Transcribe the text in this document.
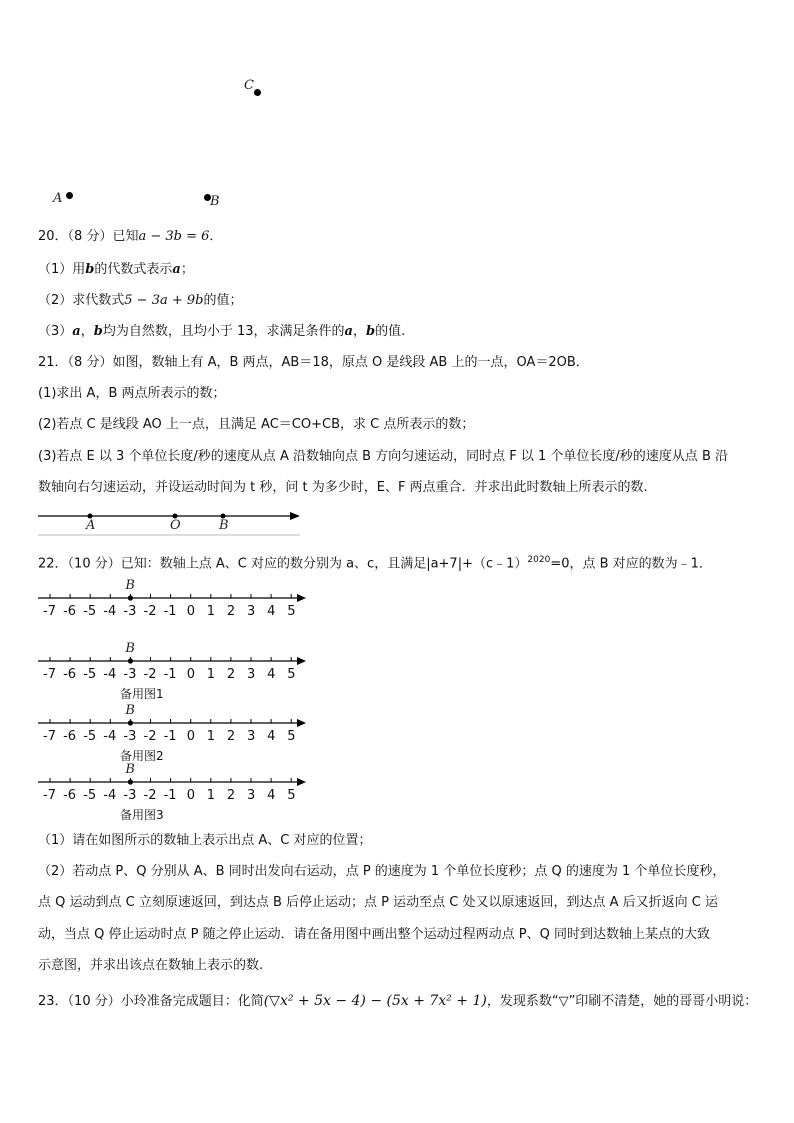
C
A	B
20．（8 分）已知a − 3b = 6．
（1）用b的代数式表示a；
（2）求代数式5 − 3a + 9b的值；
（3）a，b均为自然数，且均小于 13，求满足条件的a，b的值.
21．（8 分）如图，数轴上有 A，B 两点，AB＝18，原点 O 是线段 AB 上的一点，OA＝2OB．
(1)求出 A，B 两点所表示的数；
(2)若点 C 是线段 AO 上一点，且满足 AC＝CO+CB，求 C 点所表示的数；
(3)若点 E 以 3 个单位长度/秒的速度从点 A 沿数轴向点 B 方向匀速运动，同时点 F 以 1 个单位长度/秒的速度从点 B 沿
数轴向右匀速运动，并设运动时间为 t 秒，问 t 为多少时，E、F 两点重合．并求出此时数轴上所表示的数.
A	O	B
22．（10 分）已知：数轴上点 A、C 对应的数分别为 a、c，且满足|a+7|+（c﹣1）$^{2020}$=0，点 B 对应的数为﹣1．
B
-7 -6 -5 -4 -3 -2 -1 0 1 2 3 4 5
B
-7 -6 -5 -4 -3 -2 -1 0 1 2 3 4 5
备用图1
B
-7 -6 -5 -4 -3 -2 -1 0 1 2 3 4 5
备用图2
B
-7 -6 -5 -4 -3 -2 -1 0 1 2 3 4 5
备用图3
（1）请在如图所示的数轴上表示出点 A、C 对应的位置；
（2）若动点 P、Q 分别从 A、B 同时出发向右运动，点 P 的速度为 1 个单位长度秒；点 Q 的速度为 1 个单位长度秒，
点 Q 运动到点 C 立刻原速返回，到达点 B 后停止运动；点 P 运动至点 C 处又以原速返回，到达点 A 后又折返向 C 运
动，当点 Q 停止运动时点 P 随之停止运动．请在备用图中画出整个运动过程两动点 P、Q 同时到达数轴上某点的大致
示意图，并求出该点在数轴上表示的数.
23．（10 分）小玲准备完成题目：化简(▽x² + 5x − 4) − (5x + 7x² + 1)，发现系数“▽”印刷不清楚，她的哥哥小明说：
